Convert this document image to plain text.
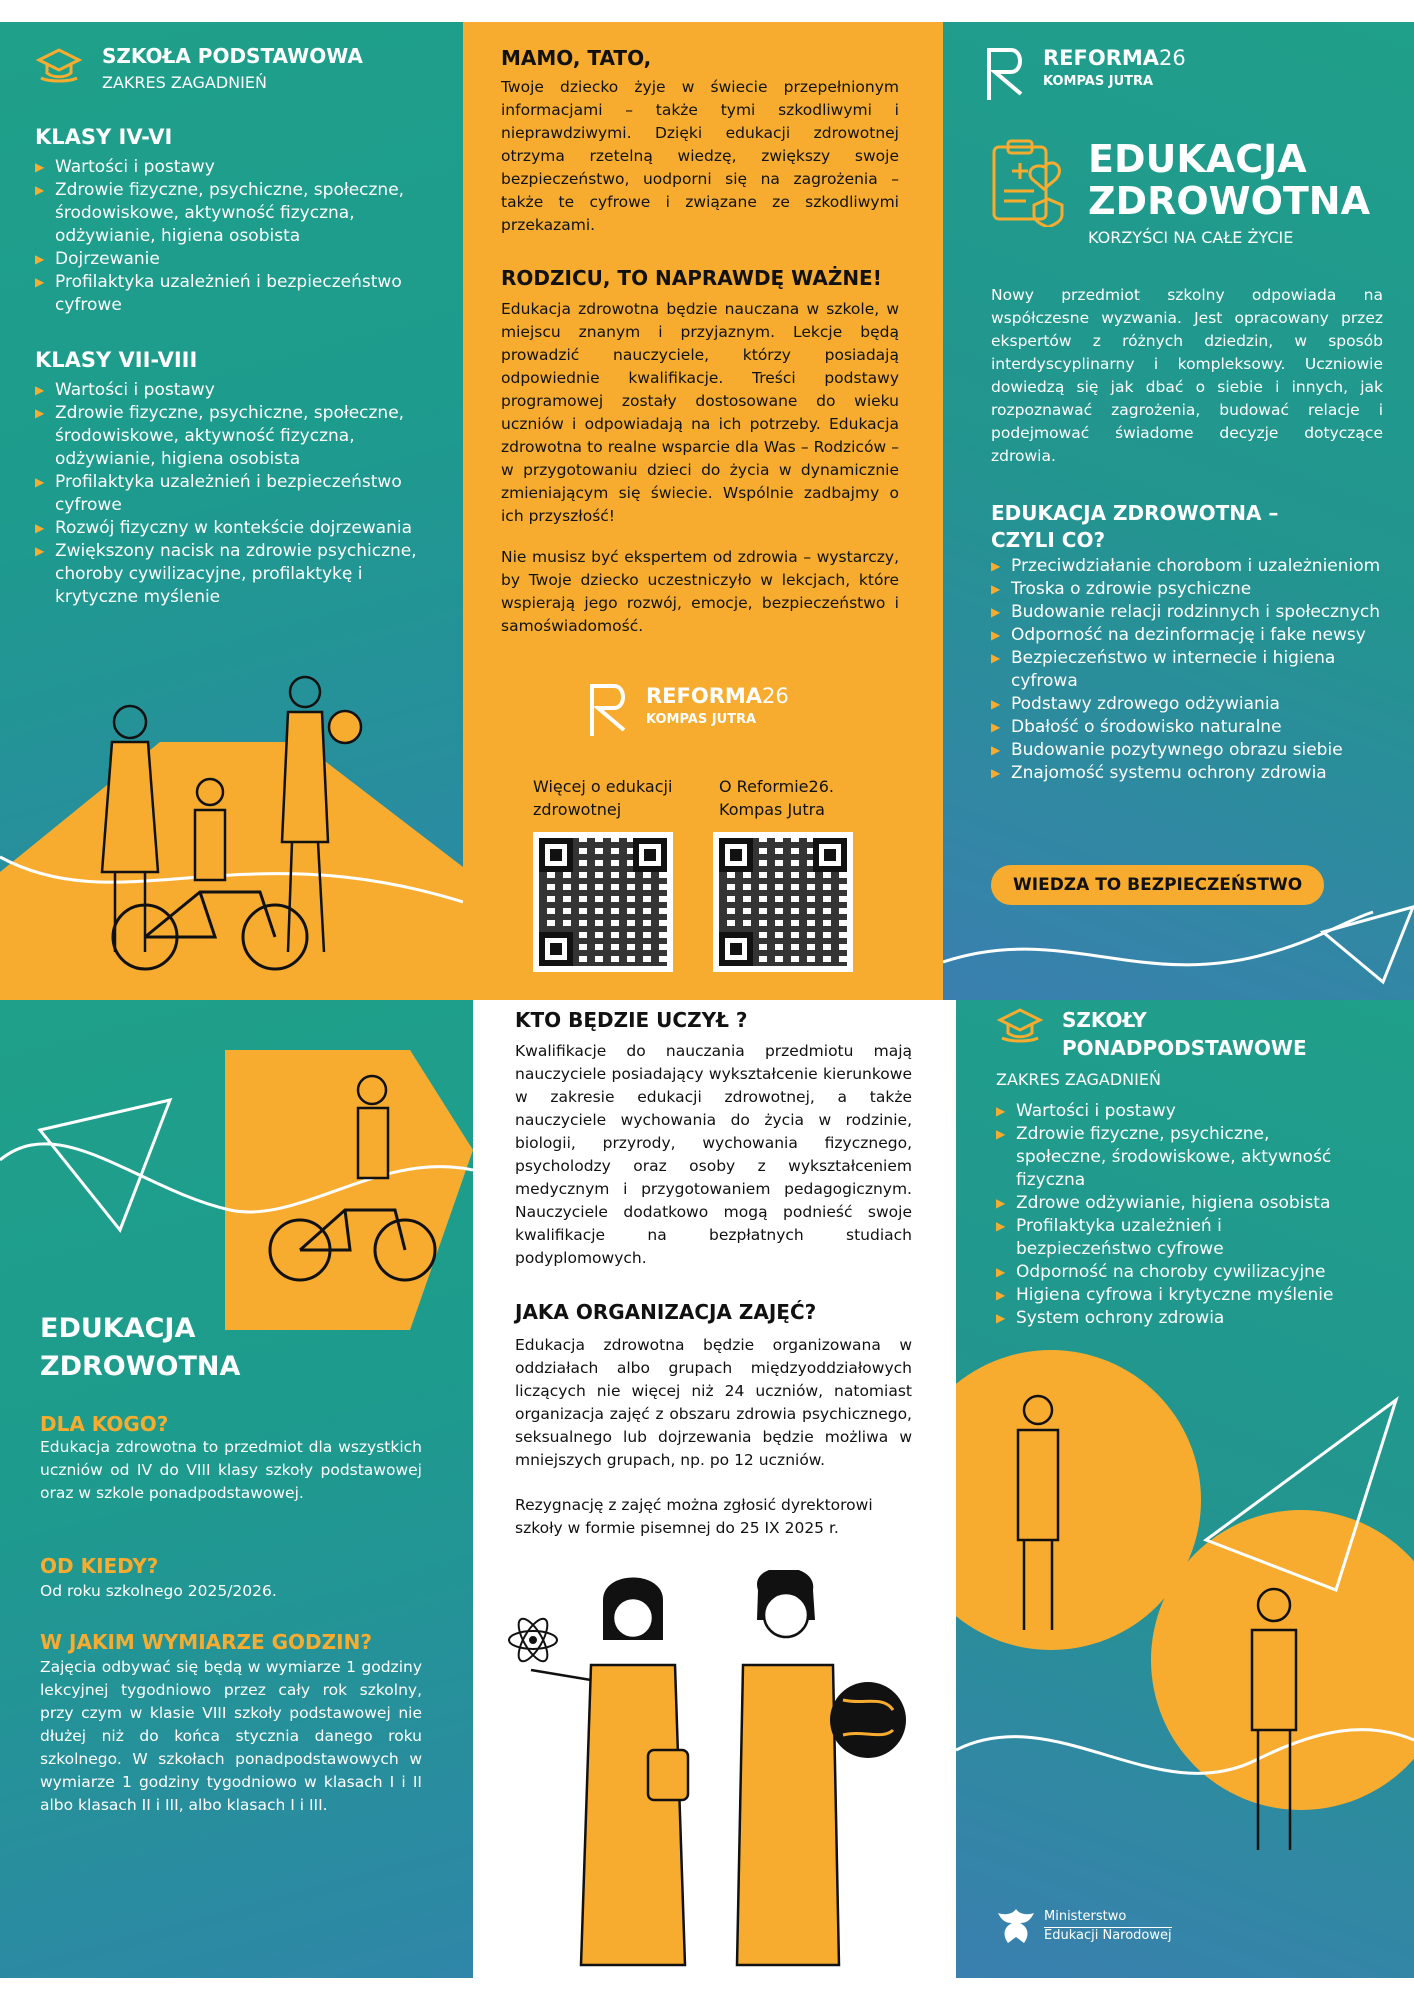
SZKOŁA PODSTAWOWA
ZAKRES ZAGADNIEŃ
KLASY IV-VI
▶ Wartości i postawy
▶ Zdrowie fizyczne, psychiczne, społeczne, środowiskowe, aktywność fizyczna, odżywianie, higiena osobista
▶ Dojrzewanie
▶ Profilaktyka uzależnień i bezpieczeństwo cyfrowe
KLASY VII-VIII
▶ Wartości i postawy
▶ Zdrowie fizyczne, psychiczne, społeczne, środowiskowe, aktywność fizyczna, odżywianie, higiena osobista
▶ Profilaktyka uzależnień i bezpieczeństwo cyfrowe
▶ Rozwój fizyczny w kontekście dojrzewania
▶ Zwiększony nacisk na zdrowie psychiczne, choroby cywilizacyjne, profilaktykę i krytyczne myślenie
MAMO, TATO,

Twoje dziecko żyje w świecie przepełnionym informacjami – także tymi szkodliwymi i nieprawdziwymi. Dzięki edukacji zdrowotnej otrzyma rzetelną wiedzę, zwiększy swoje bezpieczeństwo, uodporni się na zagrożenia – także te cyfrowe i związane ze szkodliwymi przekazami.

RODZICU, TO NAPRAWDĘ WAŻNE!

Edukacja zdrowotna będzie nauczana w szkole, w miejscu znanym i przyjaznym. Lekcje będą prowadzić nauczyciele, którzy posiadają odpowiednie kwalifikacje. Treści podstawy programowej zostały dostosowane do wieku uczniów i odpowiadają na ich potrzeby. Edukacja zdrowotna to realne wsparcie dla Was – Rodziców – w przygotowaniu dzieci do życia w dynamicznie zmieniającym się świecie. Wspólnie zadbajmy o ich przyszłość!

Nie musisz być ekspertem od zdrowia – wystarczy, by Twoje dziecko uczestniczyło w lekcjach, które wspierają jego rozwój, emocje, bezpieczeństwo i samoświadomość.

REFORMA26
KOMPAS JUTRA
Więcej o edukacji zdrowotnej
O Reformie26. Kompas Jutra
REFORMA26
KOMPAS JUTRA
EDUKACJA
ZDROWOTNA
KORZYŚCI NA CAŁE ŻYCIE

Nowy przedmiot szkolny odpowiada na współczesne wyzwania. Jest opracowany przez ekspertów z różnych dziedzin, w sposób interdyscyplinarny i kompleksowy. Uczniowie dowiedzą się jak dbać o siebie i innych, jak rozpoznawać zagrożenia, budować relacje i podejmować świadome decyzje dotyczące zdrowia.

EDUKACJA ZDROWOTNA – CZYLI CO?
▶ Przeciwdziałanie chorobom i uzależnieniom
▶ Troska o zdrowie psychiczne
▶ Budowanie relacji rodzinnych i społecznych
▶ Odporność na dezinformację i fake newsy
▶ Bezpieczeństwo w internecie i higiena cyfrowa
▶ Podstawy zdrowego odżywiania
▶ Dbałość o środowisko naturalne
▶ Budowanie pozytywnego obrazu siebie
▶ Znajomość systemu ochrony zdrowia
WIEDZA TO BEZPIECZEŃSTWO
EDUKACJA
ZDROWOTNA
DLA KOGO?

Edukacja zdrowotna to przedmiot dla wszystkich uczniów od IV do VIII klasy szkoły podstawowej oraz w szkole ponadpodstawowej.

OD KIEDY?

Od roku szkolnego 2025/2026.

W JAKIM WYMIARZE GODZIN?

Zajęcia odbywać się będą w wymiarze 1 godziny lekcyjnej tygodniowo przez cały rok szkolny, przy czym w klasie VIII szkoły podstawowej nie dłużej niż do końca stycznia danego roku szkolnego. W szkołach ponadpodstawowych w wymiarze 1 godziny tygodniowo w klasach I i II albo klasach II i III, albo klasach I i III.

KTO BĘDZIE UCZYŁ ?

Kwalifikacje do nauczania przedmiotu mają nauczyciele posiadający wykształcenie kierunkowe w zakresie edukacji zdrowotnej, a także nauczyciele wychowania do życia w rodzinie, biologii, przyrody, wychowania fizycznego, psycholodzy oraz osoby z wykształceniem medycznym i przygotowaniem pedagogicznym. Nauczyciele dodatkowo mogą podnieść swoje kwalifikacje na bezpłatnych studiach podyplomowych.

JAKA ORGANIZACJA ZAJĘĆ?

Edukacja zdrowotna będzie organizowana w oddziałach albo grupach międzyoddziałowych liczących nie więcej niż 24 uczniów, natomiast organizacja zajęć z obszaru zdrowia psychicznego, seksualnego lub dojrzewania będzie możliwa w mniejszych grupach, np. po 12 uczniów.

Rezygnację z zajęć można zgłosić dyrektorowi szkoły w formie pisemnej do 25 IX 2025 r.

SZKOŁY
PONADPODSTAWOWE
ZAKRES ZAGADNIEŃ
▶ Wartości i postawy
▶ Zdrowie fizyczne, psychiczne, społeczne, środowiskowe, aktywność fizyczna
▶ Zdrowe odżywianie, higiena osobista
▶ Profilaktyka uzależnień i bezpieczeństwo cyfrowe
▶ Odporność na choroby cywilizacyjne
▶ Higiena cyfrowa i krytyczne myślenie
▶ System ochrony zdrowia
Ministerstwo
Edukacji Narodowej
